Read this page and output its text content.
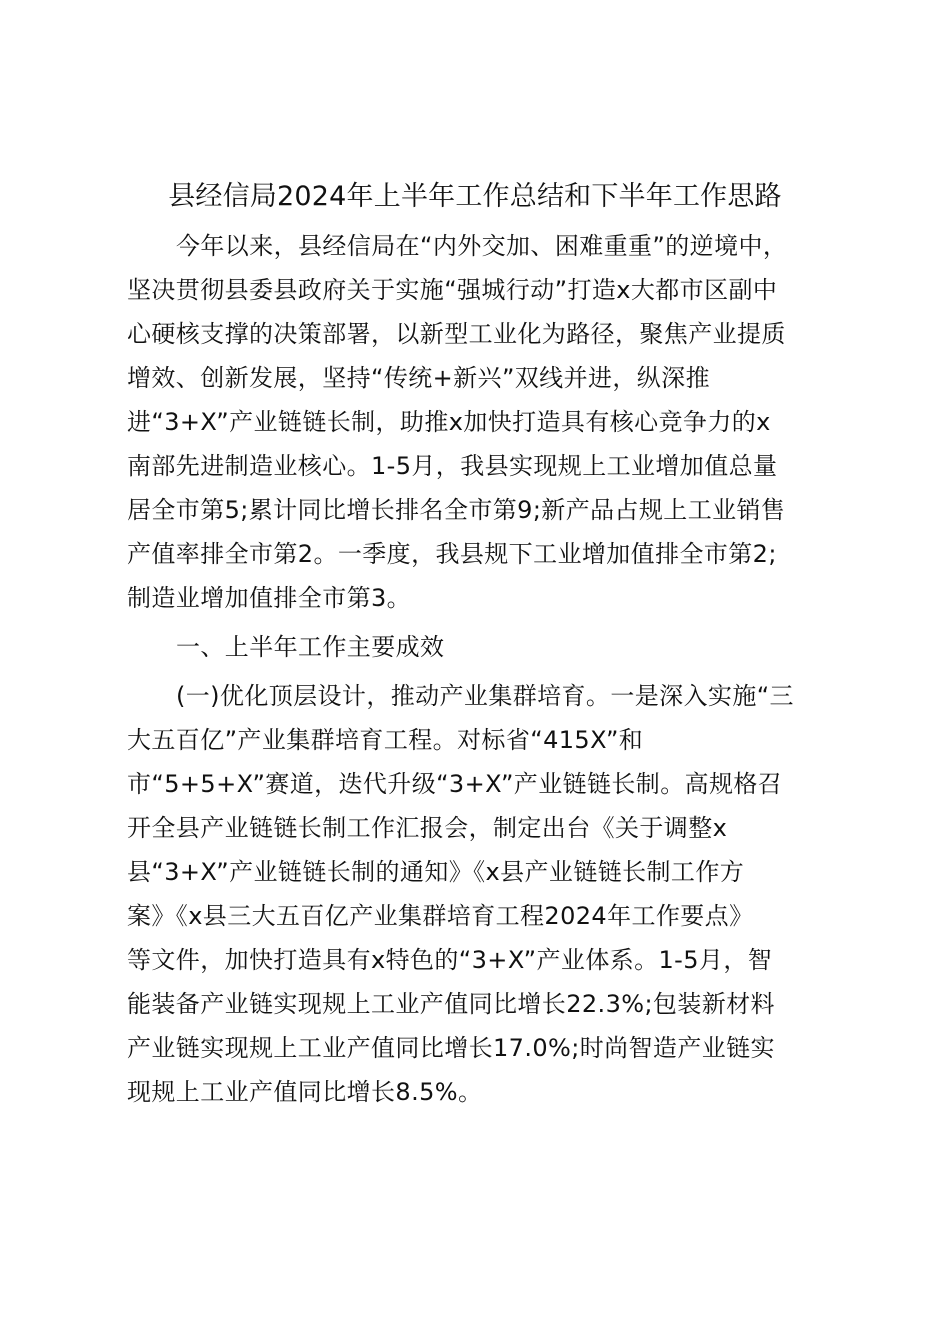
县经信局2024年上半年工作总结和下半年工作思路
今年以来，县经信局在“内外交加、困难重重”的逆境中，
坚决贯彻县委县政府关于实施“强城行动”打造x大都市区副中
心硬核支撑的决策部署，以新型工业化为路径，聚焦产业提质
增效、创新发展，坚持“传统+新兴”双线并进，纵深推
进“3+X”产业链链长制，助推x加快打造具有核心竞争力的x
南部先进制造业核心。1-5月，我县实现规上工业增加值总量
居全市第5;累计同比增长排名全市第9;新产品占规上工业销售
产值率排全市第2。一季度，我县规下工业增加值排全市第2;
制造业增加值排全市第3。
一、上半年工作主要成效
(一)优化顶层设计，推动产业集群培育。一是深入实施“三
大五百亿”产业集群培育工程。对标省“415X”和
市“5+5+X”赛道，迭代升级“3+X”产业链链长制。高规格召
开全县产业链链长制工作汇报会，制定出台《关于调整x
县“3+X”产业链链长制的通知》《x县产业链链长制工作方
案》《x县三大五百亿产业集群培育工程2024年工作要点》
等文件，加快打造具有x特色的“3+X”产业体系。1-5月，智
能装备产业链实现规上工业产值同比增长22.3%;包装新材料
产业链实现规上工业产值同比增长17.0%;时尚智造产业链实
现规上工业产值同比增长8.5%。
